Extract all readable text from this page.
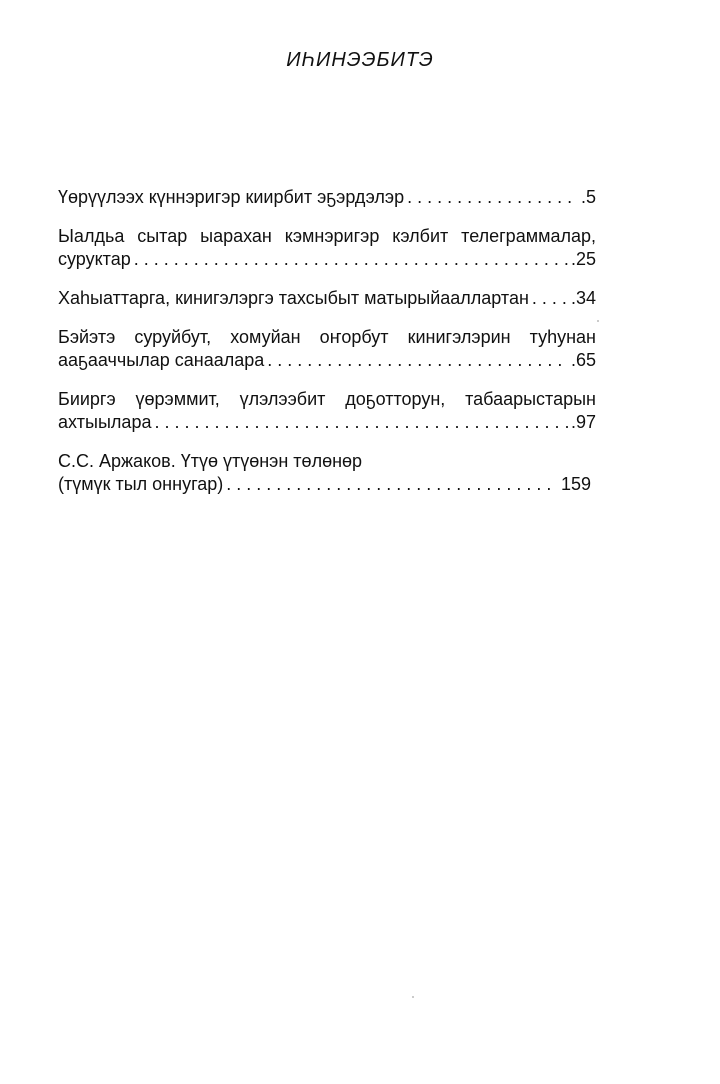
ИҺИНЭЭБИТЭ
Үөрүүлээх күннэригэр киирбит эҕэрдэлэр . . .	.5
Ыалдьа сытар ыарахан кэмнэригэр кэлбит телеграммалар,
суруктар . . .	.25
Хаһыаттарга, кинигэлэргэ тахсыбыт матырыйааллартан . . . .34
Бэйэтэ суруйбут, хомуйан оҥорбут кинигэлэрин туһунан
ааҕааччылар санаалара . . .	.65
Бииргэ үөрэммит, үлэлээбит доҕотторун, табаарыстарын
ахтыылара . . .	.97
С.С. Аржаков. Үтүө үтүөнэн төлөнөр
(түмүк тыл оннугар) . . .	159
